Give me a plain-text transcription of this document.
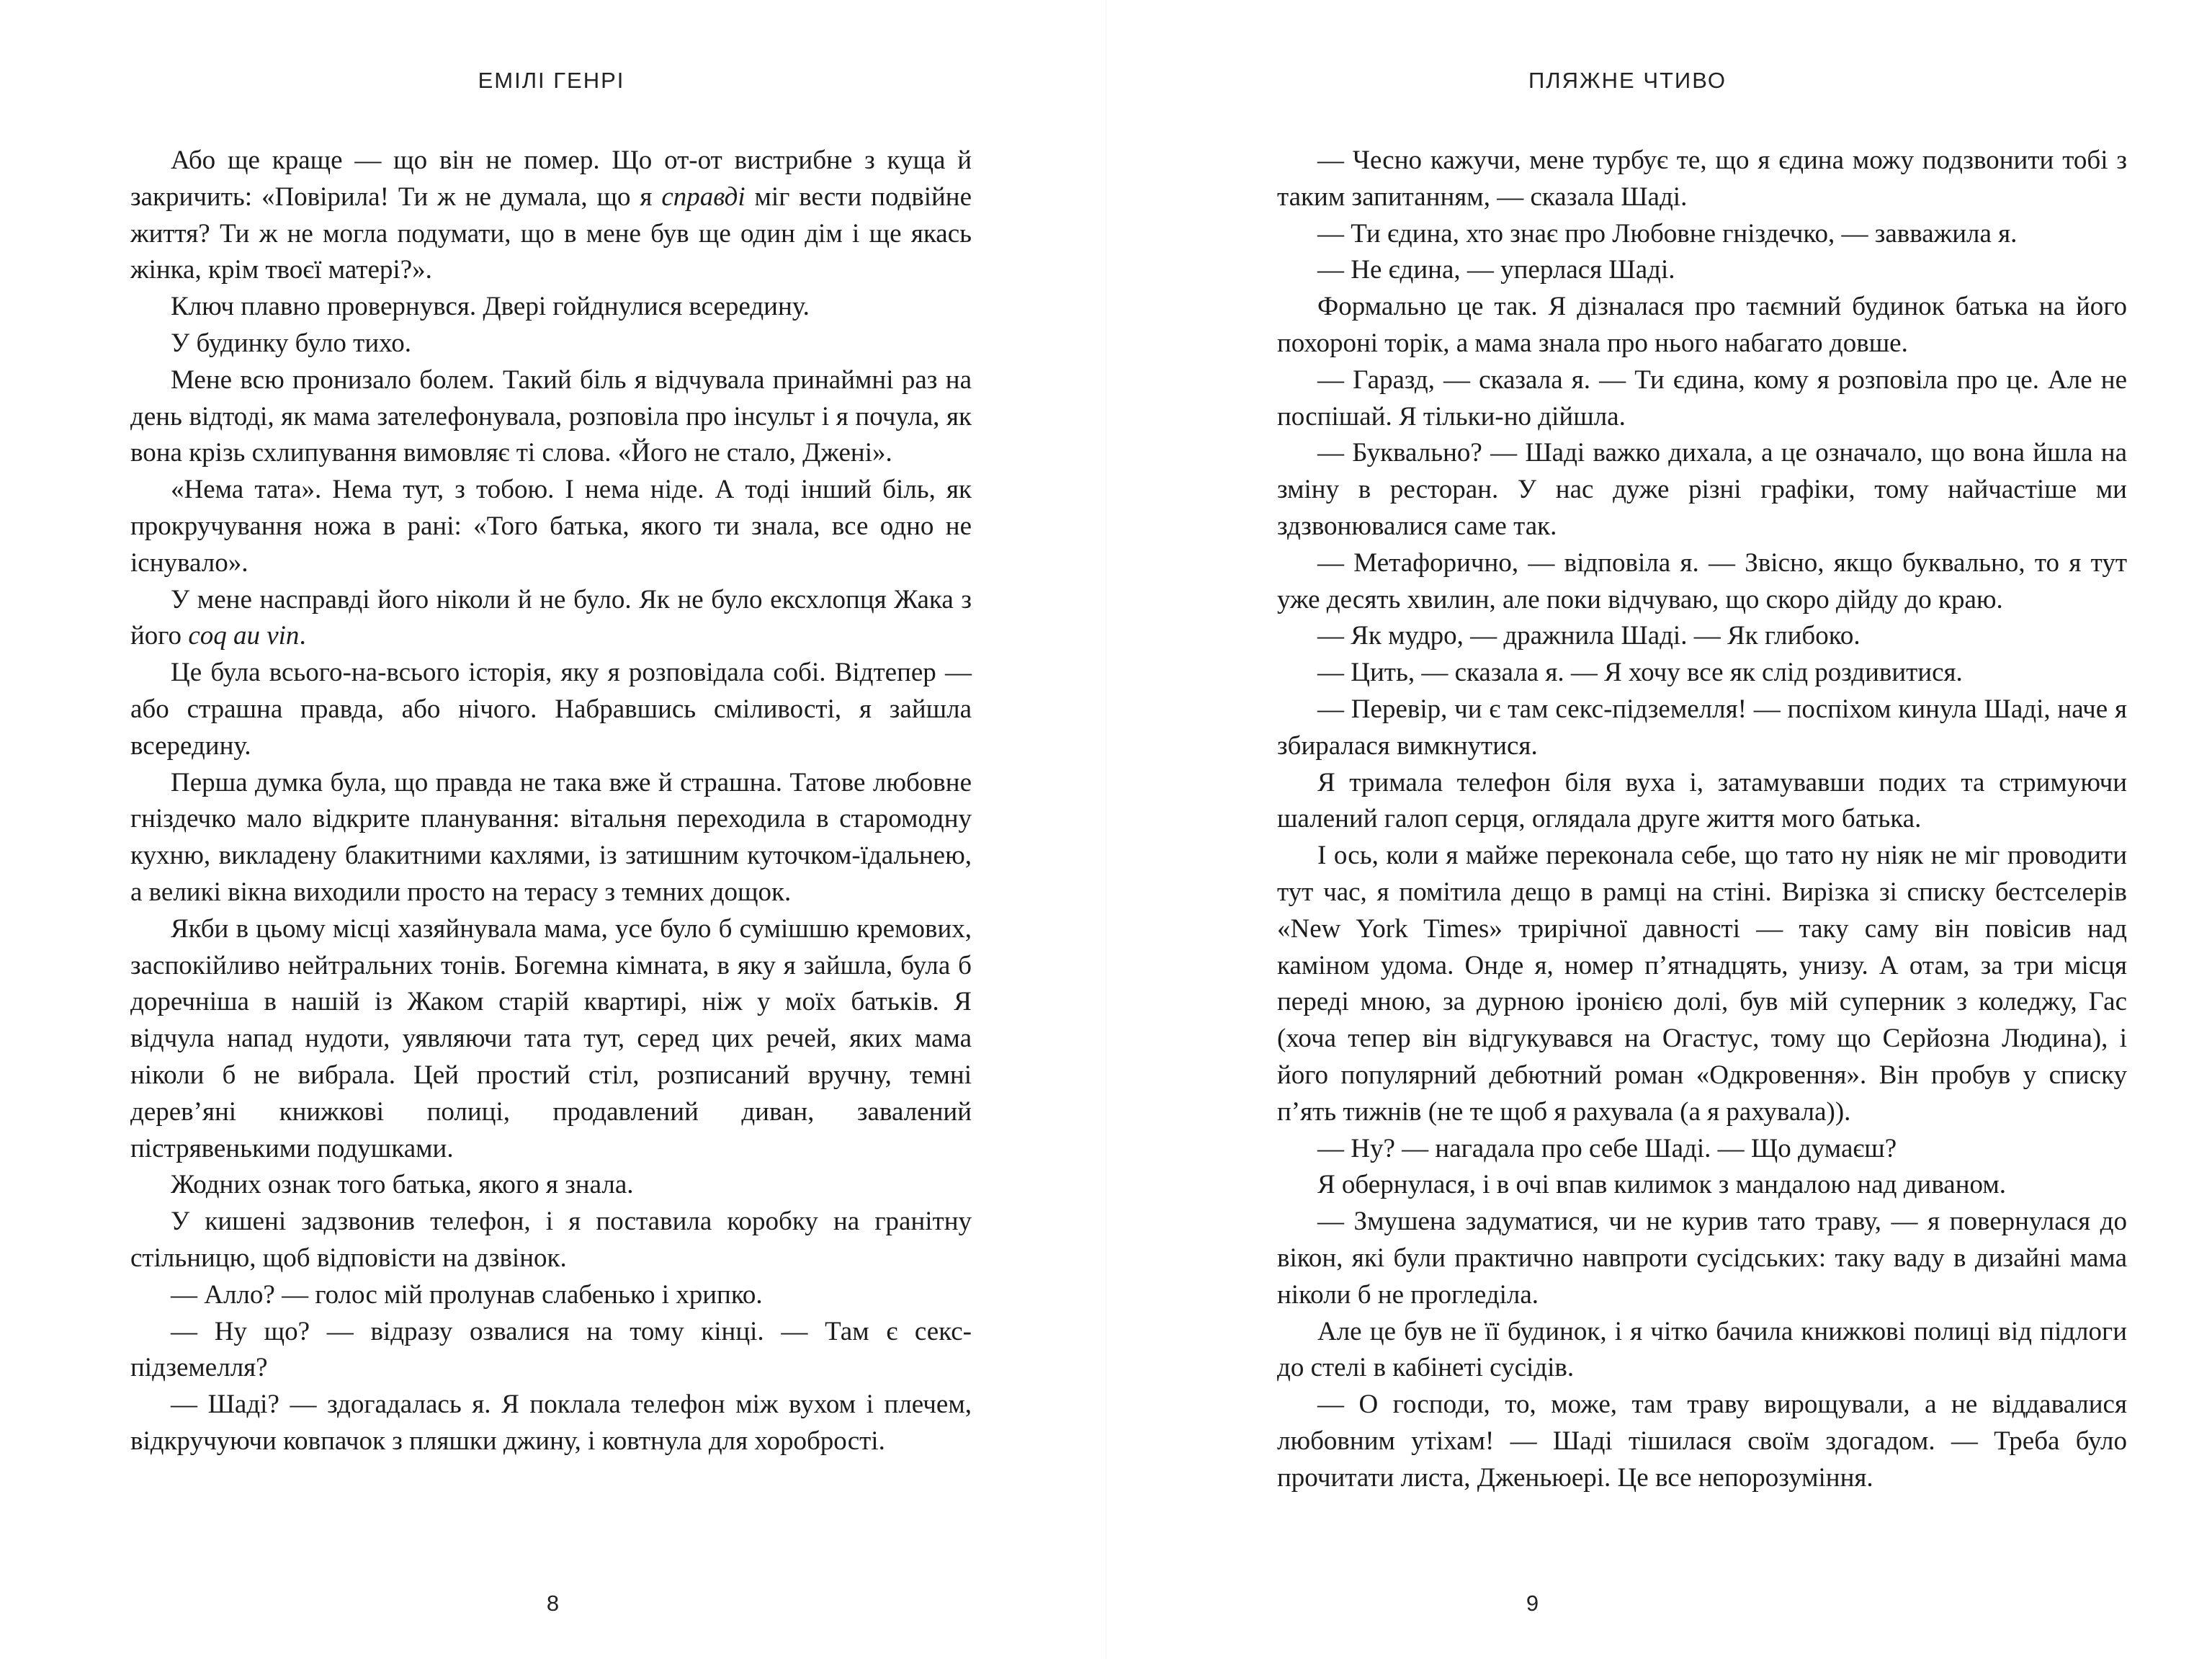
ЕМІЛІ ГЕНРІ

Або ще краще — що він не помер. Що от-от вистрибне з куща й закричить: «Повірила! Ти ж не думала, що я справді міг вести подвійне життя? Ти ж не могла подумати, що в мене був ще один дім і ще якась жінка, крім твоєї матері?».

Ключ плавно провернувся. Двері гойднулися всередину.

У будинку було тихо.

Мене всю пронизало болем. Такий біль я відчувала принаймні раз на день відтоді, як мама зателефонувала, розповіла про інсульт і я почула, як вона крізь схлипування вимовляє ті слова. «Його не стало, Джені».

«Нема тата». Нема тут, з тобою. І нема ніде. А тоді інший біль, як прокручування ножа в рані: «Того батька, якого ти знала, все одно не існувало».

У мене насправді його ніколи й не було. Як не було ексхлопця Жака з його coq au vin.

Це була всього-на-всього історія, яку я розповідала собі. Відтепер — або страшна правда, або нічого. Набравшись сміливості, я зайшла всередину.

Перша думка була, що правда не така вже й страшна. Татове любовне гніздечко мало відкрите планування: вітальня переходила в старомодну кухню, викладену блакитними кахлями, із затишним куточком-їдальнею, а великі вікна виходили просто на терасу з темних дощок.

Якби в цьому місці хазяйнувала мама, усе було б сумішшю кремових, заспокійливо нейтральних тонів. Богемна кімната, в яку я зайшла, була б доречніша в нашій із Жаком старій квартирі, ніж у моїх батьків. Я відчула напад нудоти, уявляючи тата тут, серед цих речей, яких мама ніколи б не вибрала. Цей простий стіл, розписаний вручну, темні дерев’яні книжкові полиці, продавлений диван, завалений пістрявенькими подушками.

Жодних ознак того батька, якого я знала.

У кишені задзвонив телефон, і я поставила коробку на гранітну стільницю, щоб відповісти на дзвінок.

— Алло? — голос мій пролунав слабенько і хрипко.

— Ну що? — відразу озвалися на тому кінці. — Там є секс-підземелля?

— Шаді? — здогадалась я. Я поклала телефон між вухом і плечем, відкручуючи ковпачок з пляшки джину, і ковтнула для хоробрості.

8
ПЛЯЖНЕ ЧТИВО

— Чесно кажучи, мене турбує те, що я єдина можу подзвонити тобі з таким запитанням, — сказала Шаді.

— Ти єдина, хто знає про Любовне гніздечко, — завважила я.

— Не єдина, — уперлася Шаді.

Формально це так. Я дізналася про таємний будинок батька на його похороні торік, а мама знала про нього набагато довше.

— Гаразд, — сказала я. — Ти єдина, кому я розповіла про це. Але не поспішай. Я тільки-но дійшла.

— Буквально? — Шаді важко дихала, а це означало, що вона йшла на зміну в ресторан. У нас дуже різні графіки, тому найчастіше ми здзвонювалися саме так.

— Метафорично, — відповіла я. — Звісно, якщо буквально, то я тут уже десять хвилин, але поки відчуваю, що скоро дійду до краю.

— Як мудро, — дражнила Шаді. — Як глибоко.

— Цить, — сказала я. — Я хочу все як слід роздивитися.

— Перевір, чи є там секс-підземелля! — поспіхом кинула Шаді, наче я збиралася вимкнутися.

Я тримала телефон біля вуха і, затамувавши подих та стримуючи шалений галоп серця, оглядала друге життя мого батька.

І ось, коли я майже переконала себе, що тато ну ніяк не міг проводити тут час, я помітила дещо в рамці на стіні. Вирізка зі списку бестселерів «New York Times» трирічної давності — таку саму він повісив над каміном удома. Онде я, номер п’ятнадцять, унизу. А отам, за три місця переді мною, за дурною іронією долі, був мій суперник з коледжу, Гас (хоча тепер він відгукувався на Огастус, тому що Серйозна Людина), і його популярний дебютний роман «Одкровення». Він пробув у списку п’ять тижнів (не те щоб я рахувала (а я рахувала)).

— Ну? — нагадала про себе Шаді. — Що думаєш?

Я обернулася, і в очі впав килимок з мандалою над диваном.

— Змушена задуматися, чи не курив тато траву, — я повернулася до вікон, які були практично навпроти сусідських: таку ваду в дизайні мама ніколи б не прогледіла.

Але це був не її будинок, і я чітко бачила книжкові полиці від підлоги до стелі в кабінеті сусідів.

— О господи, то, може, там траву вирощували, а не віддавалися любовним утіхам! — Шаді тішилася своїм здогадом. — Треба було прочитати листа, Дженьюері. Це все непорозуміння.

9
